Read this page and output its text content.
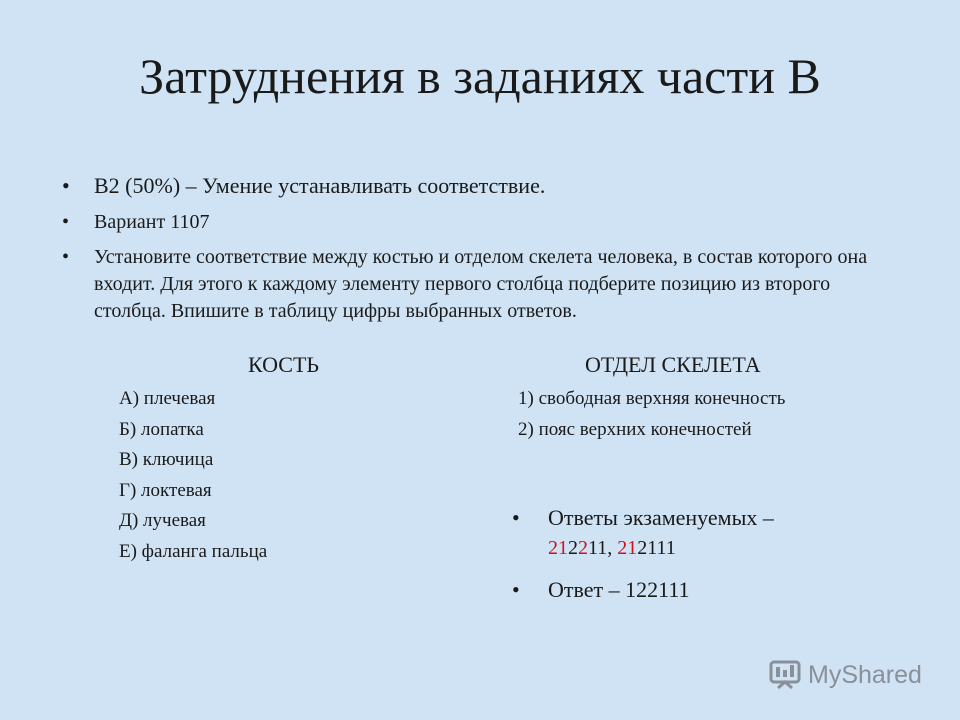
Затруднения в заданиях части В
• В2 (50%) – Умение устанавливать соответствие.
• Вариант 1107
• Установите соответствие между костью и отделом скелета человека, в состав которого она входит. Для этого к каждому элементу первого столбца подберите позицию из второго столбца. Впишите в таблицу цифры выбранных ответов.
КОСТЬ	ОТДЕЛ СКЕЛЕТА
А) плечевая
Б) лопатка
В) ключица
Г) локтевая
Д) лучевая
Е) фаланга пальца
1) свободная верхняя конечность
2) пояс верхних конечностей
• Ответы экзаменуемых –
212211, 212111
• Ответ – 122111
MyShared
